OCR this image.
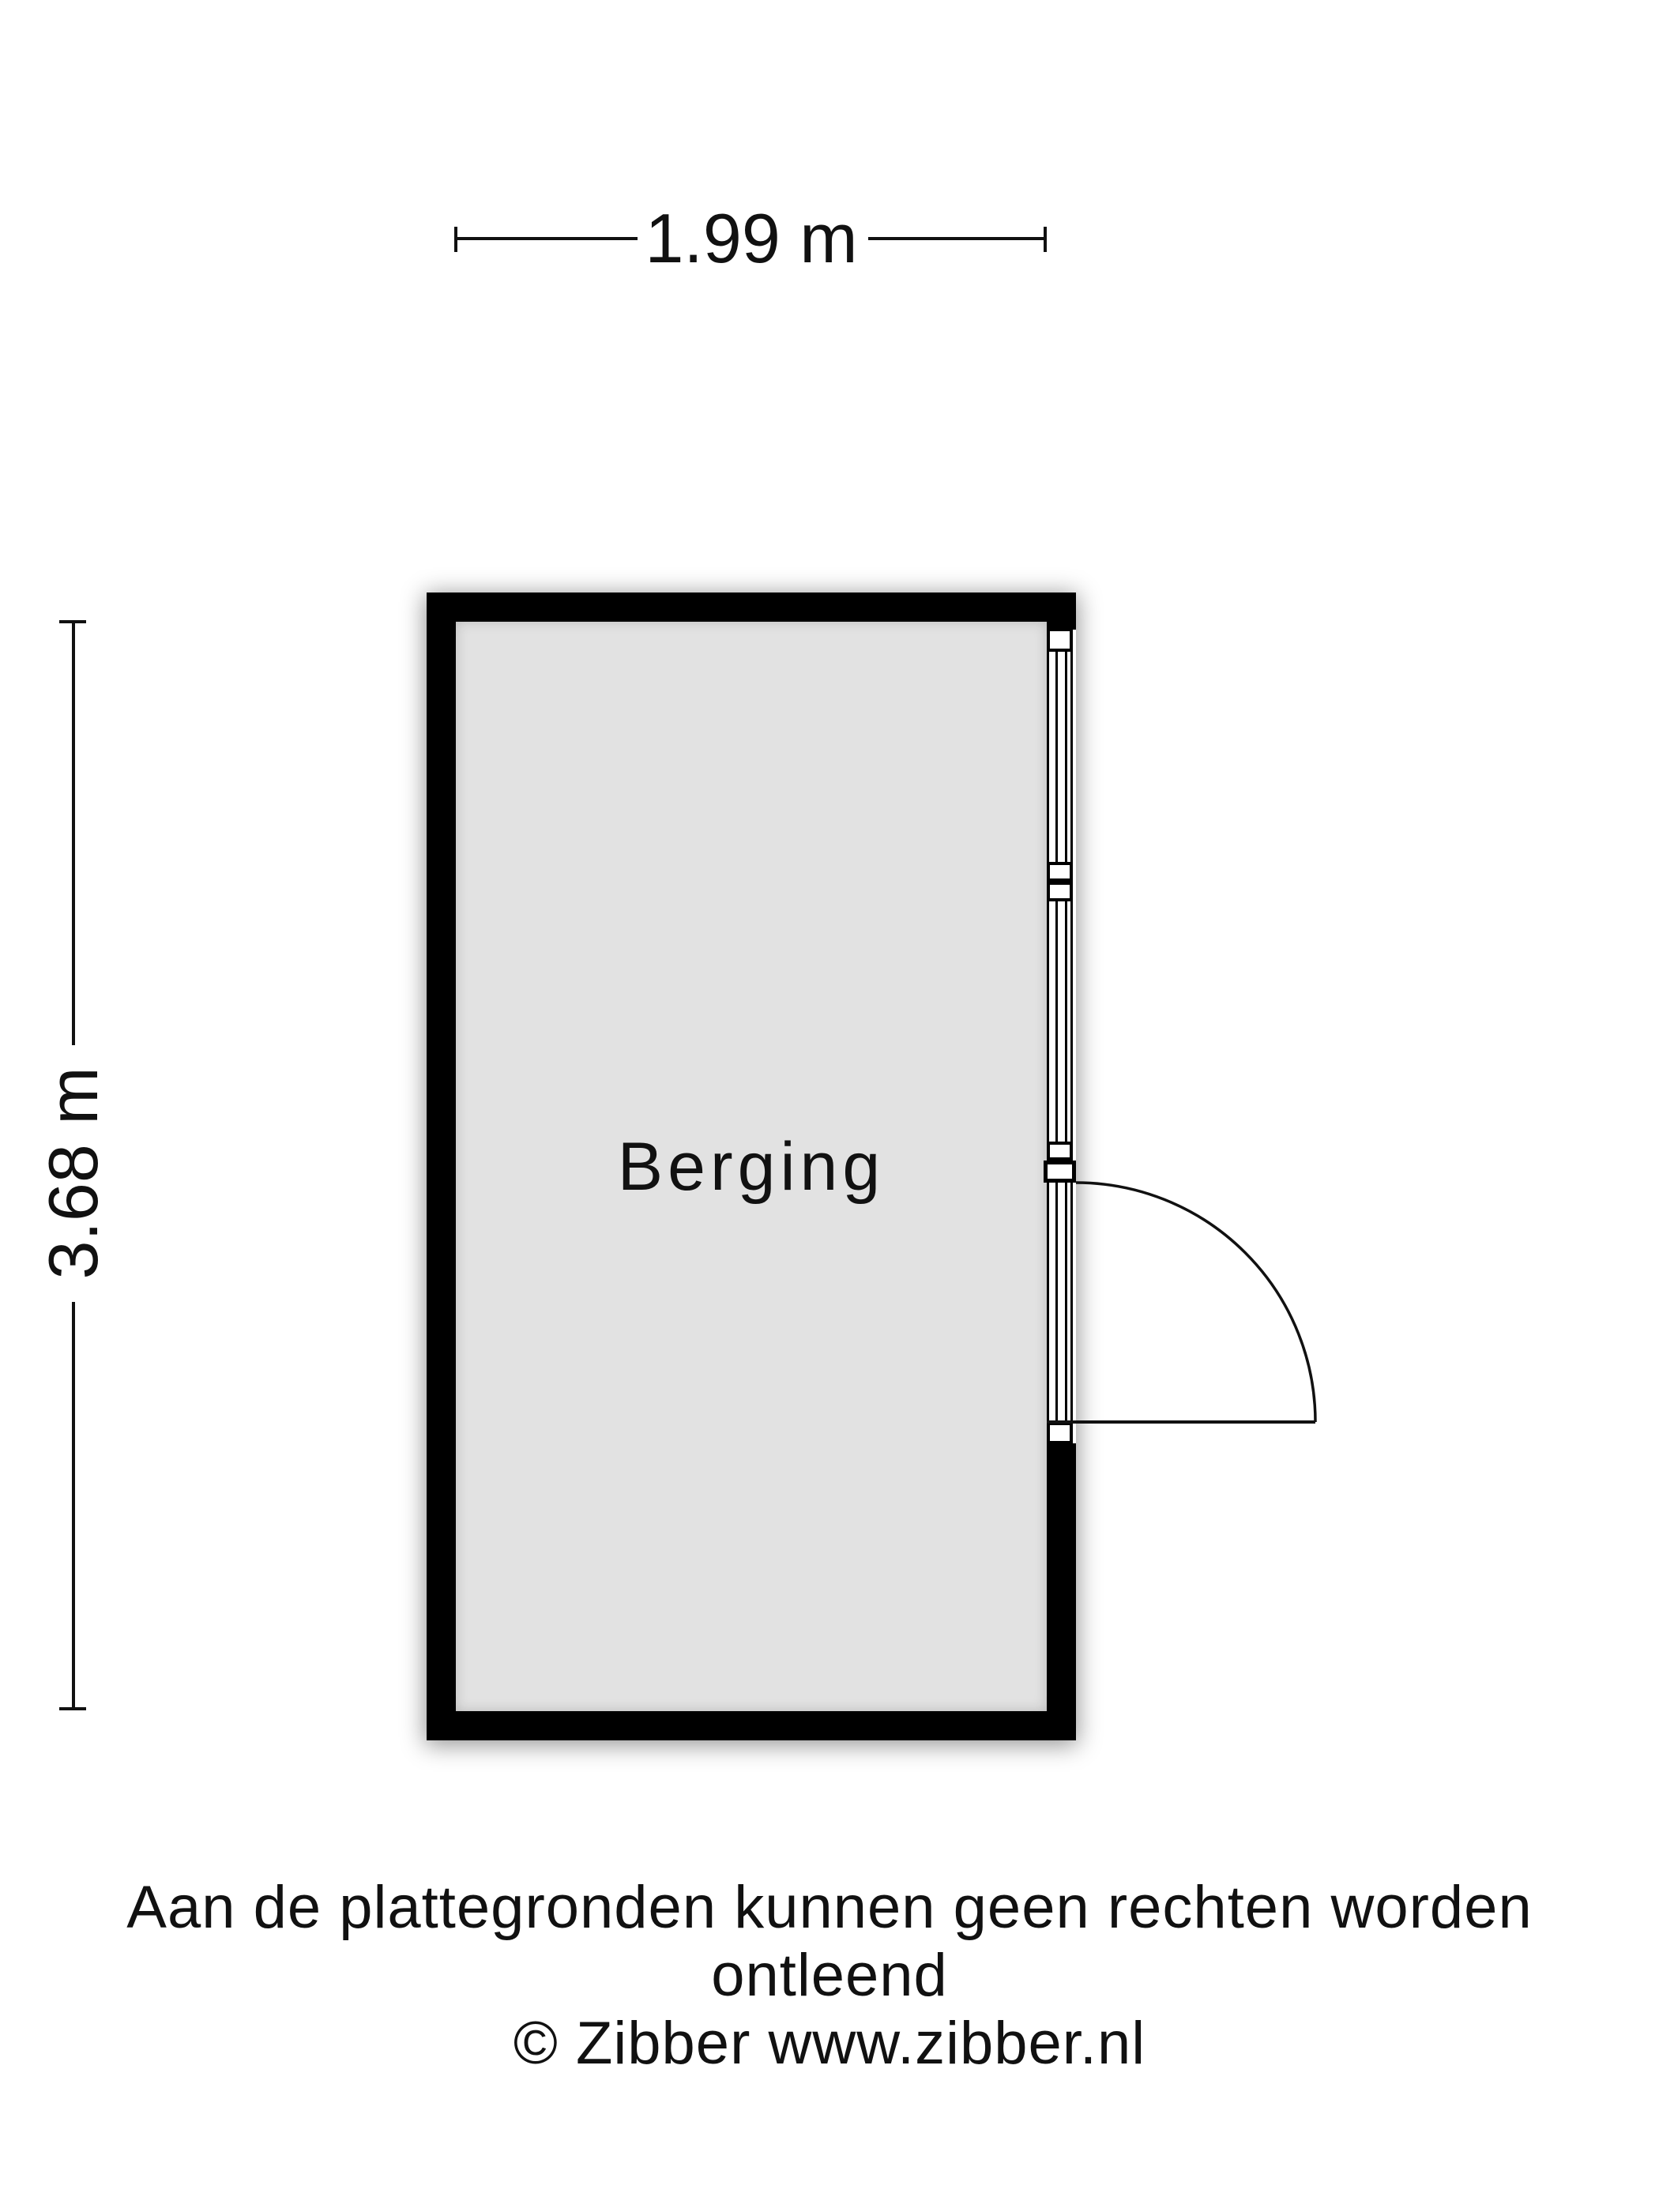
1.99 m
3.68 m	Berging
Aan de plattegronden kunnen geen rechten worden ontleend
© Zibber www.zibber.nl
